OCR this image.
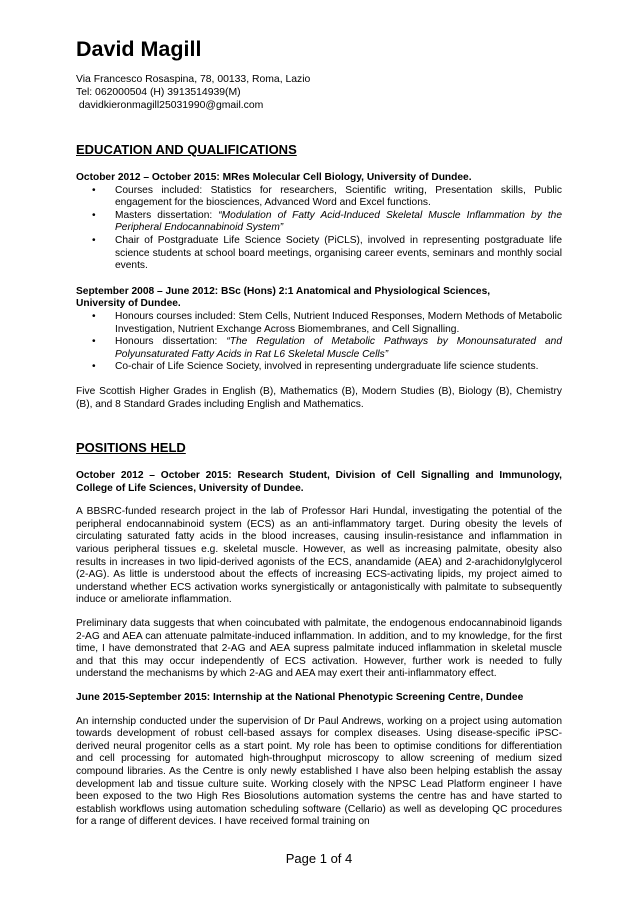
David Magill
Via Francesco Rosaspina, 78, 00133, Roma, Lazio
Tel: 062000504 (H) 3913514939(M)
davidkieronmagill25031990@gmail.com
EDUCATION AND QUALIFICATIONS

October 2012 – October 2015: MRes Molecular Cell Biology, University of Dundee.

• Courses included: Statistics for researchers, Scientific writing, Presentation skills, Public engagement for the biosciences, Advanced Word and Excel functions.
• Masters dissertation: “Modulation of Fatty Acid-Induced Skeletal Muscle Inflammation by the Peripheral Endocannabinoid System”
• Chair of Postgraduate Life Science Society (PiCLS), involved in representing postgraduate life science students at school board meetings, organising career events, seminars and monthly social events.

September 2008 – June 2012: BSc (Hons) 2:1 Anatomical and Physiological Sciences,
University of Dundee.

• Honours courses included: Stem Cells, Nutrient Induced Responses, Modern Methods of Metabolic Investigation, Nutrient Exchange Across Biomembranes, and Cell Signalling.
• Honours dissertation: “The Regulation of Metabolic Pathways by Monounsaturated and Polyunsaturated Fatty Acids in Rat L6 Skeletal Muscle Cells”
• Co-chair of Life Science Society, involved in representing undergraduate life science students.

Five Scottish Higher Grades in English (B), Mathematics (B), Modern Studies (B), Biology (B), Chemistry (B), and 8 Standard Grades including English and Mathematics.

POSITIONS HELD

October 2012 – October 2015: Research Student, Division of Cell Signalling and Immunology, College of Life Sciences, University of Dundee.

A BBSRC-funded research project in the lab of Professor Hari Hundal, investigating the potential of the peripheral endocannabinoid system (ECS) as an anti-inflammatory target. During obesity the levels of circulating saturated fatty acids in the blood increases, causing insulin-resistance and inflammation in various peripheral tissues e.g. skeletal muscle. However, as well as increasing palmitate, obesity also results in increases in two lipid-derived agonists of the ECS, anandamide (AEA) and 2-arachidonylglycerol (2-AG). As little is understood about the effects of increasing ECS-activating lipids, my project aimed to understand whether ECS activation works synergistically or antagonistically with palmitate to subsequently induce or ameliorate inflammation.

Preliminary data suggests that when coincubated with palmitate, the endogenous endocannabinoid ligands 2-AG and AEA can attenuate palmitate-induced inflammation. In addition, and to my knowledge, for the first time, I have demonstrated that 2-AG and AEA supress palmitate induced inflammation in skeletal muscle and that this may occur independently of ECS activation. However, further work is needed to fully understand the mechanisms by which 2-AG and AEA may exert their anti-inflammatory effect.

June 2015-September 2015: Internship at the National Phenotypic Screening Centre, Dundee

An internship conducted under the supervision of Dr Paul Andrews, working on a project using automation towards development of robust cell-based assays for complex diseases. Using disease-specific iPSC-derived neural progenitor cells as a start point. My role has been to optimise conditions for differentiation and cell processing for automated high-throughput microscopy to allow screening of medium sized compound libraries. As the Centre is only newly established I have also been helping establish the assay development lab and tissue culture suite. Working closely with the NPSC Lead Platform engineer I have been exposed to the two High Res Biosolutions automation systems the centre has and have started to establish workflows using automation scheduling software (Cellario) as well as developing QC procedures for a range of different devices. I have received formal training on

Page 1 of 4
